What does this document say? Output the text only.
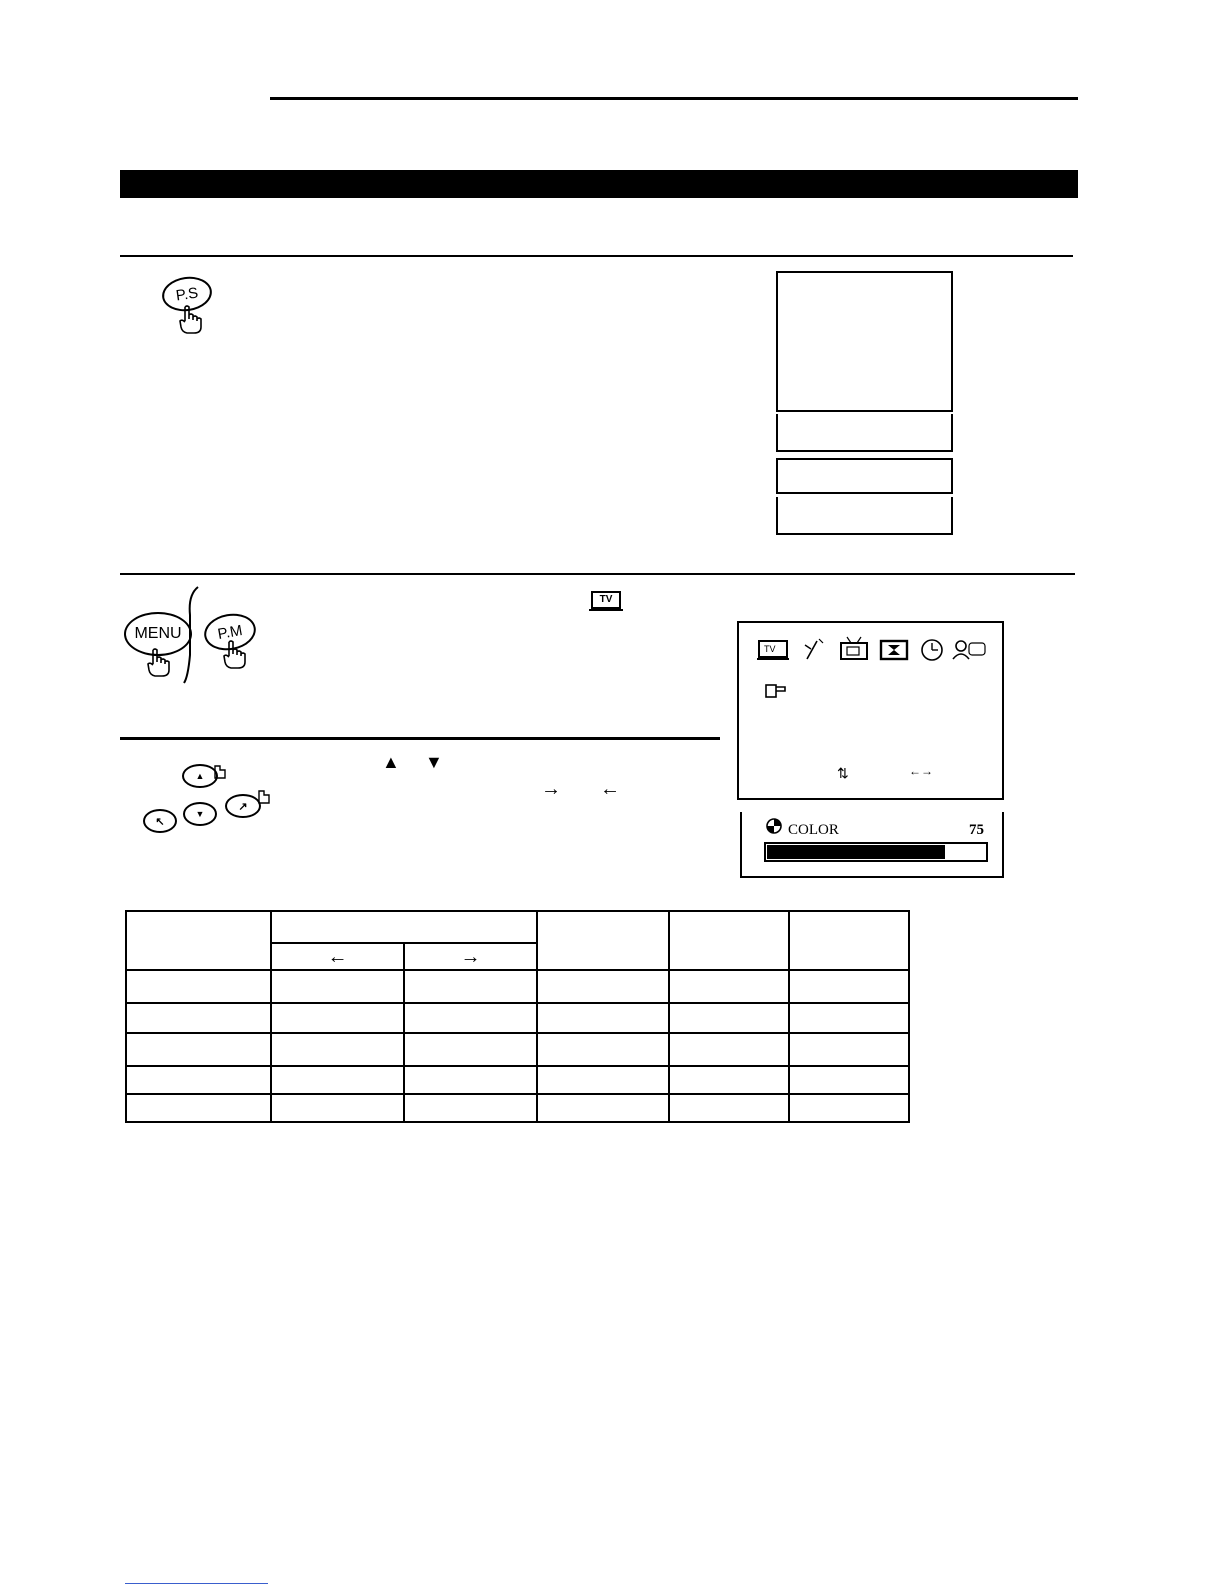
P.S
MENU P.M
TV
TV
⇅	←→
COLOR	75
▲
↖
▼
↗
▲ ▼
→ ←

	←	→			
